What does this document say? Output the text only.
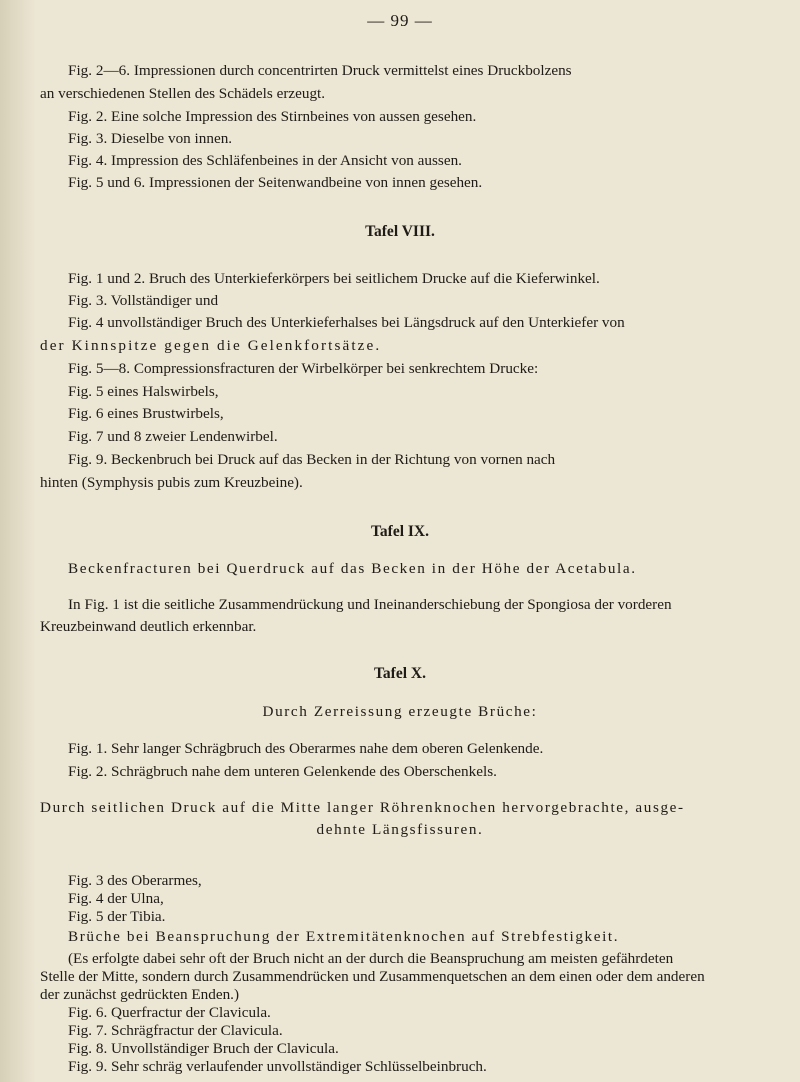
— 99 —
Fig. 2—6. Impressionen durch concentrirten Druck vermittelst eines Druckbolzens
an verschiedenen Stellen des Schädels erzeugt.
Fig. 2. Eine solche Impression des Stirnbeines von aussen gesehen.
Fig. 3. Dieselbe von innen.
Fig. 4. Impression des Schläfenbeines in der Ansicht von aussen.
Fig. 5 und 6. Impressionen der Seitenwandbeine von innen gesehen.
Tafel VIII.
Fig. 1 und 2. Bruch des Unterkieferkörpers bei seitlichem Drucke auf die Kieferwinkel.
Fig. 3. Vollständiger und
Fig. 4 unvollständiger Bruch des Unterkieferhalses bei Längsdruck auf den Unterkiefer von
der Kinnspitze gegen die Gelenkfortsätze.
Fig. 5—8. Compressionsfracturen der Wirbelkörper bei senkrechtem Drucke:
Fig. 5 eines Halswirbels,
Fig. 6 eines Brustwirbels,
Fig. 7 und 8 zweier Lendenwirbel.
Fig. 9. Beckenbruch bei Druck auf das Becken in der Richtung von vornen nach
hinten (Symphysis pubis zum Kreuzbeine).
Tafel IX.
Beckenfracturen bei Querdruck auf das Becken in der Höhe der Acetabula.
In Fig. 1 ist die seitliche Zusammendrückung und Ineinanderschiebung der Spongiosa der vorderen
Kreuzbeinwand deutlich erkennbar.
Tafel X.
Durch Zerreissung erzeugte Brüche:
Fig. 1. Sehr langer Schrägbruch des Oberarmes nahe dem oberen Gelenkende.
Fig. 2. Schrägbruch nahe dem unteren Gelenkende des Oberschenkels.
Durch seitlichen Druck auf die Mitte langer Röhrenknochen hervorgebrachte, ausge-
dehnte Längsfissuren.
Fig. 3 des Oberarmes,
Fig. 4 der Ulna,
Fig. 5 der Tibia.
Brüche bei Beanspruchung der Extremitätenknochen auf Strebfestigkeit.
(Es erfolgte dabei sehr oft der Bruch nicht an der durch die Beanspruchung am meisten gefährdeten
Stelle der Mitte, sondern durch Zusammendrücken und Zusammenquetschen an dem einen oder dem anderen
der zunächst gedrückten Enden.)
Fig. 6. Querfractur der Clavicula.
Fig. 7. Schrägfractur der Clavicula.
Fig. 8. Unvollständiger Bruch der Clavicula.
Fig. 9. Sehr schräg verlaufender unvollständiger Schlüsselbeinbruch.
